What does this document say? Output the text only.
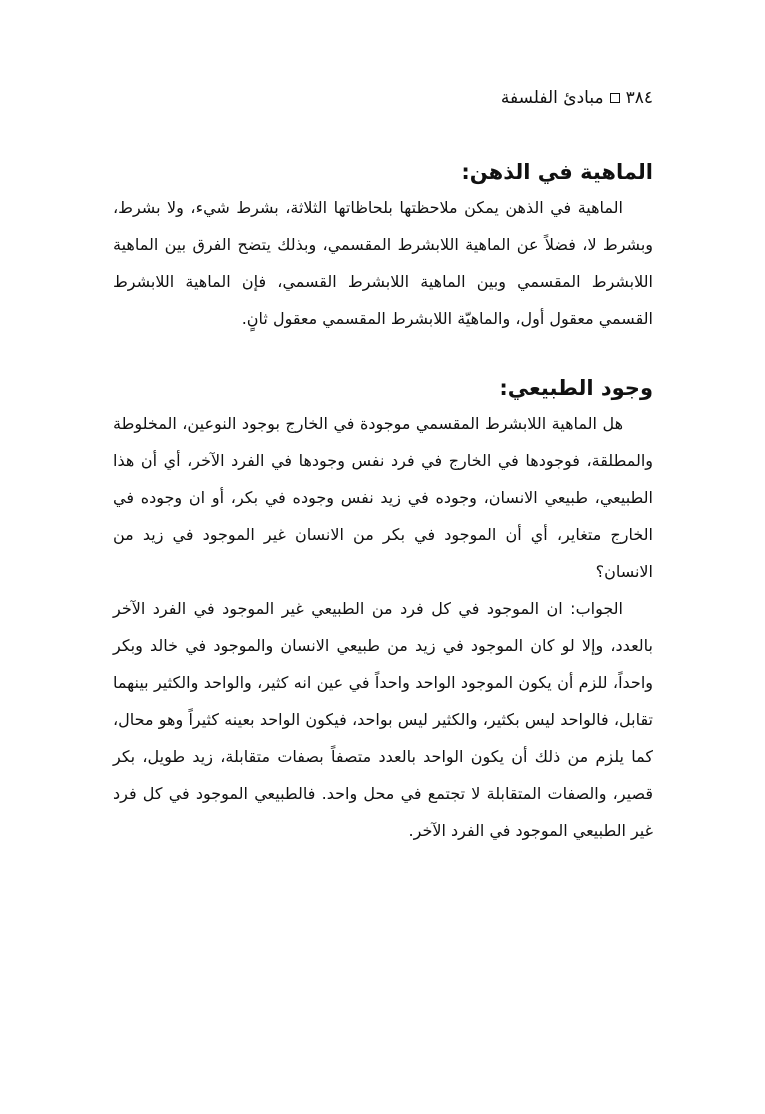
٣٨٤
مبادئ الفلسفة
الماهية في الذهن:

الماهية في الذهن يمكن ملاحظتها بلحاظاتها الثلاثة، بشرط شيء، ولا بشرط، وبشرط لا، فضلاً عن الماهية اللابشرط المقسمي، وبذلك يتضح الفرق بين الماهية اللابشرط المقسمي وبين الماهية اللابشرط القسمي، فإن الماهية اللابشرط القسمي معقول أول، والماهيّة اللابشرط المقسمي معقول ثانٍ.

وجود الطبيعي:

هل الماهية اللابشرط المقسمي موجودة في الخارج بوجود النوعين، المخلوطة والمطلقة، فوجودها في الخارج في فرد نفس وجودها في الفرد الآخر، أي أن هذا الطبيعي، طبيعي الانسان، وجوده في زيد نفس وجوده في بكر، أو ان وجوده في الخارج متغاير، أي أن الموجود في بكر من الانسان غير الموجود في زيد من الانسان؟

الجواب: ان الموجود في كل فرد من الطبيعي غير الموجود في الفرد الآخر بالعدد، وإلا لو كان الموجود في زيد من طبيعي الانسان والموجود في خالد وبكر واحداً، للزم أن يكون الموجود الواحد واحداً في عين انه كثير، والواحد والكثير بينهما تقابل، فالواحد ليس بكثير، والكثير ليس بواحد، فيكون الواحد بعينه كثيراً وهو محال، كما يلزم من ذلك أن يكون الواحد بالعدد متصفاً بصفات متقابلة، زيد طويل، بكر قصير، والصفات المتقابلة لا تجتمع في محل واحد. فالطبيعي الموجود في كل فرد غير الطبيعي الموجود في الفرد الآخر.
